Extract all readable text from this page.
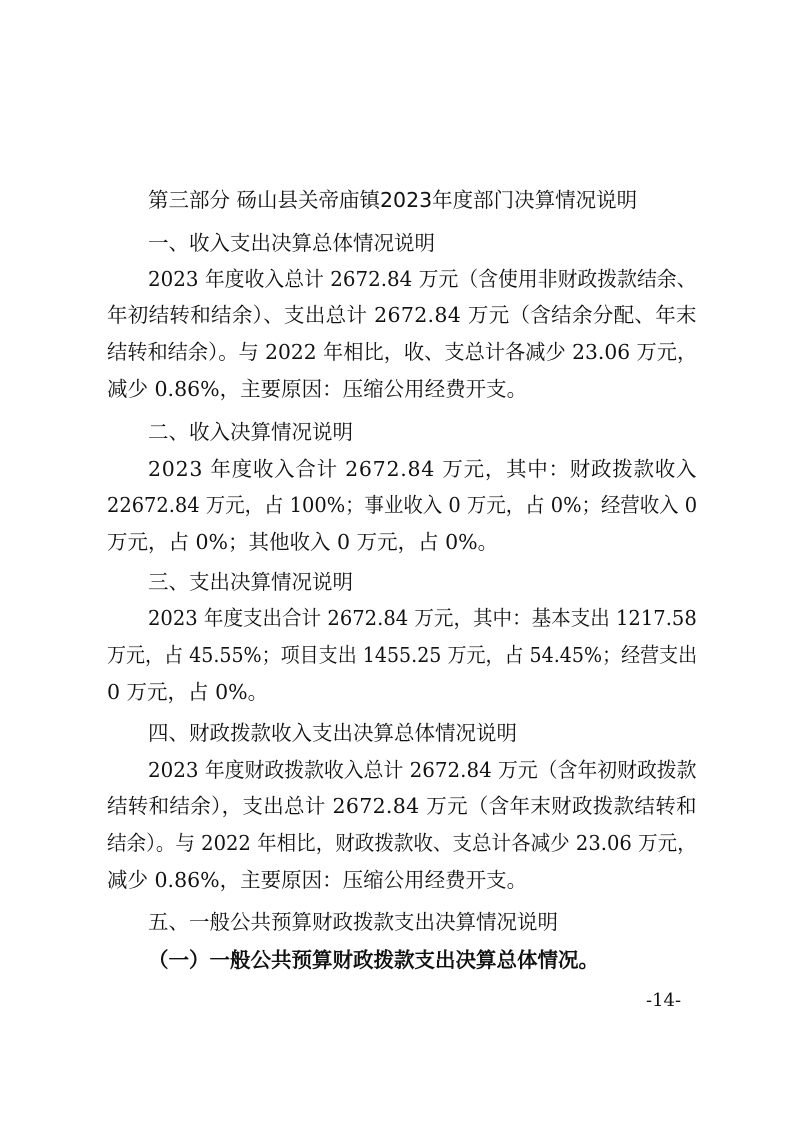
第三部分 砀山县关帝庙镇2023年度部门决算情况说明
一、收入支出决算总体情况说明
2023 年度收入总计 2672.84 万元（含使用非财政拨款结余、
年初结转和结余）、支出总计 2672.84 万元（含结余分配、年末
结转和结余）。与 2022 年相比，收、支总计各减少 23.06 万元，
减少 0.86%，主要原因：压缩公用经费开支。
二、收入决算情况说明
2023 年度收入合计 2672.84 万元，其中：财政拨款收入
22672.84 万元，占 100%；事业收入 0 万元，占 0%；经营收入 0
万元，占 0%；其他收入 0 万元，占 0%。
三、支出决算情况说明
2023 年度支出合计 2672.84 万元，其中：基本支出 1217.58
万元，占 45.55%；项目支出 1455.25 万元，占 54.45%；经营支出
0 万元，占 0%。
四、财政拨款收入支出决算总体情况说明
2023 年度财政拨款收入总计 2672.84 万元（含年初财政拨款
结转和结余），支出总计 2672.84 万元（含年末财政拨款结转和
结余）。与 2022 年相比，财政拨款收、支总计各减少 23.06 万元，
减少 0.86%，主要原因：压缩公用经费开支。
五、一般公共预算财政拨款支出决算情况说明
（一）一般公共预算财政拨款支出决算总体情况。
-14-
